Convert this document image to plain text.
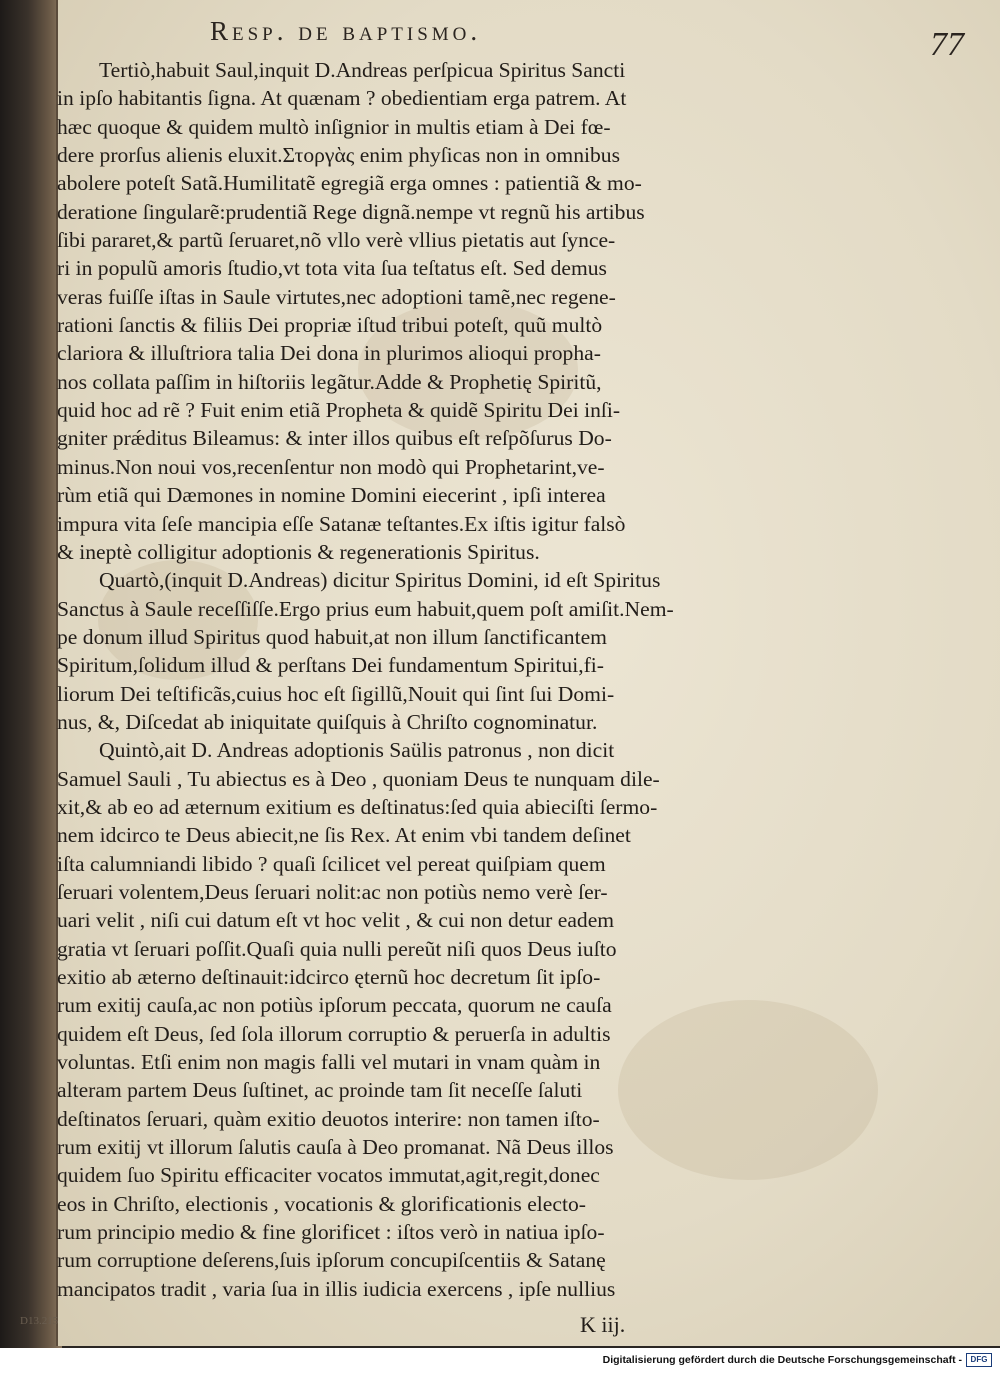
Resp. de baptismo.	77
Tertiò,habuit Saul,inquit D.Andreas perſpicua Spiritus Sancti
in ipſo habitantis ſigna. At quænam ? obedientiam erga patrem. At
hæc quoque & quidem multò inſignior in multis etiam à Dei fœ-
dere prorſus alienis eluxit.Στοργὰς enim phyſicas non in omnibus
abolere poteſt Satã.Humilitatẽ egregiã erga omnes : patientiã & mo-
deratione ſingularẽ:prudentiã Rege dignã.nempe vt regnũ his artibus
ſibi pararet,& partũ ſeruaret,nõ vllo verè vllius pietatis aut ſynce-
ri in populũ amoris ſtudio,vt tota vita ſua teſtatus eſt. Sed demus
veras fuiſſe iſtas in Saule virtutes,nec adoptioni tamẽ,nec regene-
rationi ſanctis & filiis Dei propriæ iſtud tribui poteſt, quũ multò
clariora & illuſtriora talia Dei dona in plurimos alioqui propha-
nos collata paſſim in hiſtoriis legãtur.Adde & Prophetię Spiritũ,
quid hoc ad rẽ ? Fuit enim etiã Propheta & quidẽ Spiritu Dei inſi-
gniter prǽditus Bileamus: & inter illos quibus eſt reſpõſurus Do-
minus.Non noui vos,recenſentur non modò qui Prophetarint,ve-
rùm etiã qui Dæmones in nomine Domini eiecerint , ipſi interea
impura vita ſeſe mancipia eſſe Satanæ teſtantes.Ex iſtis igitur falsò
& ineptè colligitur adoptionis & regenerationis Spiritus.
Quartò,(inquit D.Andreas) dicitur Spiritus Domini, id eſt Spiritus
Sanctus à Saule receſſiſſe.Ergo prius eum habuit,quem poſt amiſit.Nem-
pe donum illud Spiritus quod habuit,at non illum ſanctificantem
Spiritum,ſolidum illud & perſtans Dei fundamentum Spiritui,fi-
liorum Dei teſtificãs,cuius hoc eſt ſigillũ,Nouit qui ſint ſui Domi-
nus, &, Diſcedat ab iniquitate quiſquis à Chriſto cognominatur.
Quintò,ait D. Andreas adoptionis Saülis patronus , non dicit
Samuel Sauli , Tu abiectus es à Deo , quoniam Deus te nunquam dile-
xit,& ab eo ad æternum exitium es deſtinatus:ſed quia abieciſti ſermo-
nem idcirco te Deus abiecit,ne ſis Rex. At enim vbi tandem deſinet
iſta calumniandi libido ? quaſi ſcilicet vel pereat quiſpiam quem
ſeruari volentem,Deus ſeruari nolit:ac non potiùs nemo verè ſer-
uari velit , niſi cui datum eſt vt hoc velit , & cui non detur eadem
gratia vt ſeruari poſſit.Quaſi quia nulli pereũt niſi quos Deus iuſto
exitio ab æterno deſtinauit:idcirco ęternũ hoc decretum ſit ipſo-
rum exitij cauſa,ac non potiùs ipſorum peccata, quorum ne cauſa
quidem eſt Deus, ſed ſola illorum corruptio & peruerſa in adultis
voluntas. Etſi enim non magis falli vel mutari in vnam quàm in
alteram partem Deus ſuſtinet, ac proinde tam ſit neceſſe ſaluti
deſtinatos ſeruari, quàm exitio deuotos interire: non tamen iſto-
rum exitij vt illorum ſalutis cauſa à Deo promanat. Nã Deus illos
quidem ſuo Spiritu efficaciter vocatos immutat,agit,regit,donec
eos in Chriſto, electionis , vocationis & glorificationis electo-
rum principio medio & fine glorificet : iſtos verò in natiua ipſo-
rum corruptione deſerens,ſuis ipſorum concupiſcentiis & Satanę
mancipatos tradit , varia ſua in illis iudicia exercens , ipſe nullius
K iij.
D13.215
Digitalisierung gefördert durch die Deutsche Forschungsgemeinschaft -	DFG
